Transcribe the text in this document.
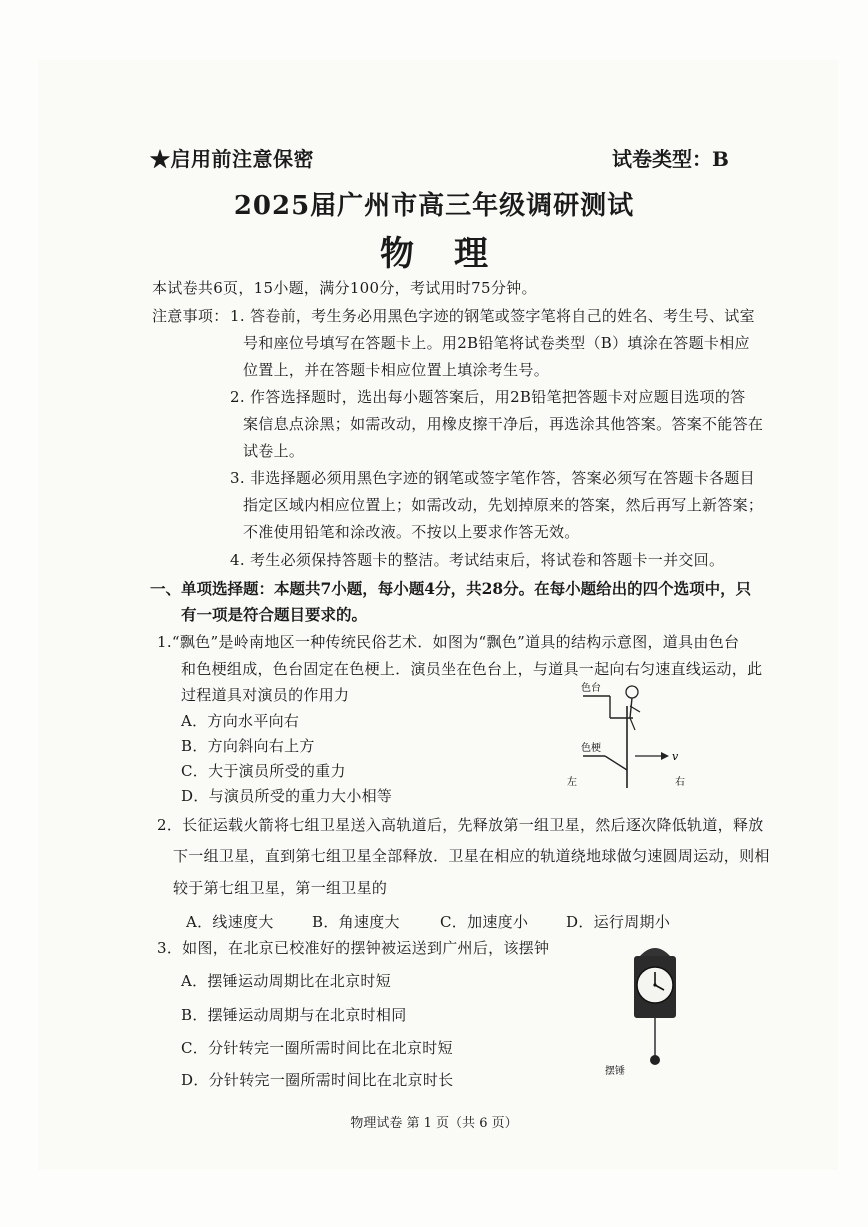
★启用前注意保密	试卷类型：B
2025届广州市高三年级调研测试
物理
本试卷共6页，15小题，满分100分，考试用时75分钟。
注意事项： 1. 答卷前，考生务必用黑色字迹的钢笔或签字笔将自己的姓名、考生号、试室
号和座位号填写在答题卡上。用2B铅笔将试卷类型（B）填涂在答题卡相应
位置上，并在答题卡相应位置上填涂考生号。
2. 作答选择题时，选出每小题答案后，用2B铅笔把答题卡对应题目选项的答
案信息点涂黑；如需改动，用橡皮擦干净后，再选涂其他答案。答案不能答在
试卷上。
3. 非选择题必须用黑色字迹的钢笔或签字笔作答，答案必须写在答题卡各题目
指定区域内相应位置上；如需改动，先划掉原来的答案，然后再写上新答案；
不准使用铅笔和涂改液。不按以上要求作答无效。
4. 考生必须保持答题卡的整洁。考试结束后，将试卷和答题卡一并交回。
一、单项选择题：本题共7小题，每小题4分，共28分。在每小题给出的四个选项中，只
有一项是符合题目要求的。
1.“飘色”是岭南地区一种传统民俗艺术．如图为“飘色”道具的结构示意图，道具由色台
和色梗组成，色台固定在色梗上．演员坐在色台上，与道具一起向右匀速直线运动，此
过程道具对演员的作用力
A．方向水平向右
B．方向斜向右上方
C．大于演员所受的重力
D．与演员所受的重力大小相等
色台
色梗
v
左	右
2．长征运载火箭将七组卫星送入高轨道后，先释放第一组卫星，然后逐次降低轨道，释放
下一组卫星，直到第七组卫星全部释放．卫星在相应的轨道绕地球做匀速圆周运动，则相
较于第七组卫星，第一组卫星的
A．线速度大	B．角速度大	C．加速度小	D．运行周期小
3．如图，在北京已校准好的摆钟被运送到广州后，该摆钟
A．摆锤运动周期比在北京时短
B．摆锤运动周期与在北京时相同
C．分针转完一圈所需时间比在北京时短
D．分针转完一圈所需时间比在北京时长	摆锤
物理试卷 第 1 页（共 6 页）
